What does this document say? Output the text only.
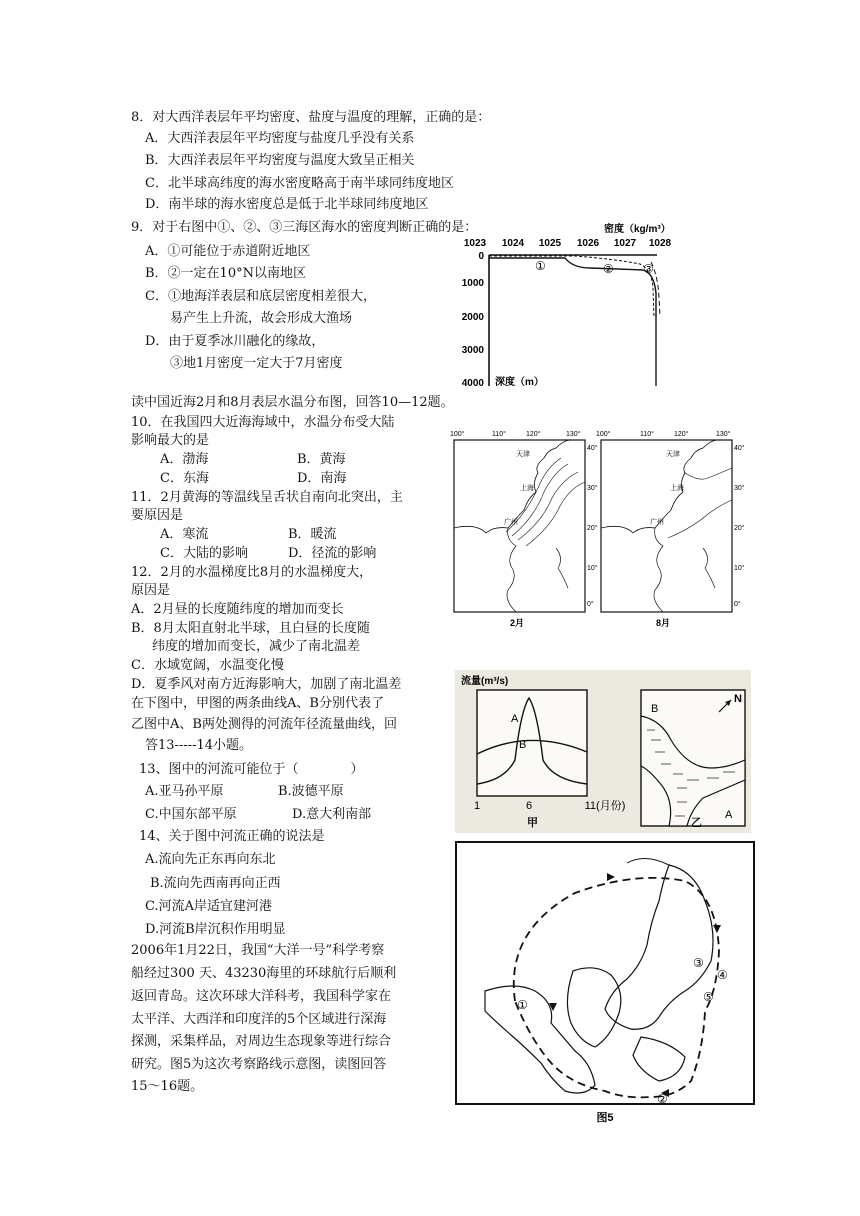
8．对大西洋表层年平均密度、盐度与温度的理解，正确的是：
A．大西洋表层年平均密度与盐度几乎没有关系
B．大西洋表层年平均密度与温度大致呈正相关
C．北半球高纬度的海水密度略高于南半球同纬度地区
D．南半球的海水密度总是低于北半球同纬度地区
9．对于右图中①、②、③三海区海水的密度判断正确的是：
A．①可能位于赤道附近地区
B．②一定在10°N以南地区
C．①地海洋表层和底层密度相差很大，
易产生上升流，故会形成大渔场
D．由于夏季冰川融化的缘故，
③地1月密度一定大于7月密度
读中国近海2月和8月表层水温分布图，回答10—12题。
10．在我国四大近海海域中，水温分布受大陆
影响最大的是
A．渤海	B．黄海
C．东海	D．南海
11．2月黄海的等温线呈舌状自南向北突出，主
要原因是
A．寒流	B．暖流
C．大陆的影响	D．径流的影响
12．2月的水温梯度比8月的水温梯度大，
原因是
A．2月昼的长度随纬度的增加而变长
B．8月太阳直射北半球，且白昼的长度随
纬度的增加而变长，减少了南北温差
C．水域宽阔，水温变化慢
D．夏季风对南方近海影响大，加剧了南北温差
在下图中，甲图的两条曲线A、B分别代表了
乙图中A、B两处测得的河流年径流量曲线，回
答13-----14小题。
13、图中的河流可能位于（　　　　）
A.亚马孙平原	B.波德平原
C.中国东部平原	D.意大利南部
14、关于图中河流正确的说法是
A.流向先正东再向东北
B.流向先西南再向正西
C.河流A岸适宜建河港
D.河流B岸沉积作用明显
2006年1月22日，我国“大洋一号”科学考察
船经过300 天、43230海里的环球航行后顺利
返回青岛。这次环球大洋科考，我国科学家在
太平洋、大西洋和印度洋的5个区域进行深海
探测，采集样品，对周边生态现象等进行综合
研究。图5为这次考察路线示意图，读图回答
15～16题。
密度（kg/m³）
1023 1024 1025 1026 1027 1028
0
1000
2000
3000
4000 深度（m）
①	② ③
100°	110°	120°	130° 100°	110°	120°	130°
40°
30°
20°
10°
0°
40°
30°
20°
10°
0°
天津
上海
广州
天津
上海
广州
2月	8月
流量(m³/s)
A
B
1	6	11(月份)
甲
B
A
N
乙
①
②
③
④
⑤
图5
